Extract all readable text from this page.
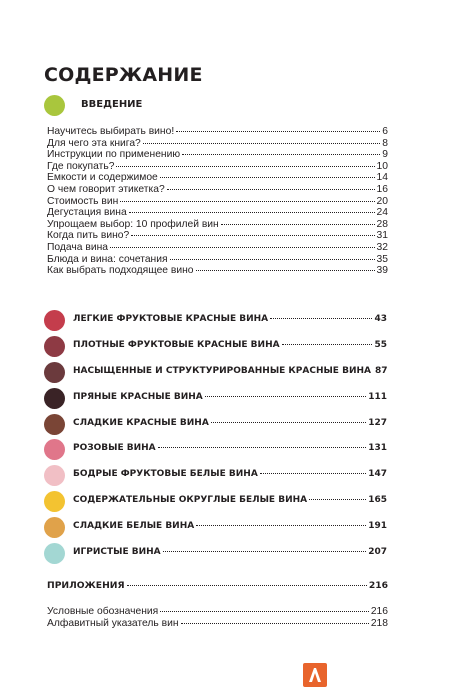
СОДЕРЖАНИЕ
ВВЕДЕНИЕ
Научитесь выбирать вино!	6
Для чего эта книга?	8
Инструкции по применению	9
Где покупать?	10
Емкости и содержимое	14
О чем говорит этикетка?	16
Стоимость вин	20
Дегустация вина	24
Упрощаем выбор: 10 профилей вин	28
Когда пить вино?	31
Подача вина	32
Блюда и вина: сочетания	35
Как выбрать подходящее вино	39
ЛЕГКИЕ ФРУКТОВЫЕ КРАСНЫЕ ВИНА	43
ПЛОТНЫЕ ФРУКТОВЫЕ КРАСНЫЕ ВИНА	55
НАСЫЩЕННЫЕ И СТРУКТУРИРОВАННЫЕ КРАСНЫЕ ВИНА 87
ПРЯНЫЕ КРАСНЫЕ ВИНА	111
СЛАДКИЕ КРАСНЫЕ ВИНА	127
РОЗОВЫЕ ВИНА	131
БОДРЫЕ ФРУКТОВЫЕ БЕЛЫЕ ВИНА	147
СОДЕРЖАТЕЛЬНЫЕ ОКРУГЛЫЕ БЕЛЫЕ ВИНА	165
СЛАДКИЕ БЕЛЫЕ ВИНА	191
ИГРИСТЫЕ ВИНА	207
ПРИЛОЖЕНИЯ	216
Условные обозначения	216
Алфавитный указатель вин	218
